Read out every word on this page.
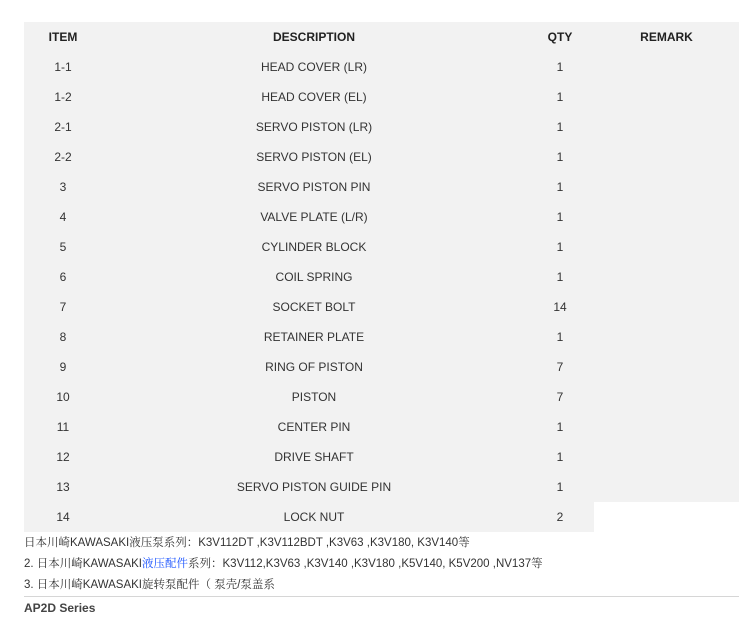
ITEM	DESCRIPTION	QTY	REMARK
1-1	HEAD COVER (LR)	1	
1-2	HEAD COVER (EL)	1	
2-1	SERVO PISTON (LR)	1	
2-2	SERVO PISTON (EL)	1	
3	SERVO PISTON PIN	1	
4	VALVE PLATE (L/R)	1	
5	CYLINDER BLOCK	1	
6	COIL SPRING	1	
7	SOCKET BOLT	14	
8	RETAINER PLATE	1	
9	RING OF PISTON	7	
10	PISTON	7	
11	CENTER PIN	1	
12	DRIVE SHAFT	1	
13	SERVO PISTON GUIDE PIN	1	
14	LOCK NUT	2	
日本川崎KAWASAKI液压泵系列：K3V112DT ,K3V112BDT ,K3V63 ,K3V180, K3V140等
2. 日本川崎KAWASAKI液压配件系列：K3V112,K3V63 ,K3V140 ,K3V180 ,K5V140, K5V200 ,NV137等
3. 日本川崎KAWASAKI旋转泵配件（ 泵壳/泵盖系
AP2D Series
